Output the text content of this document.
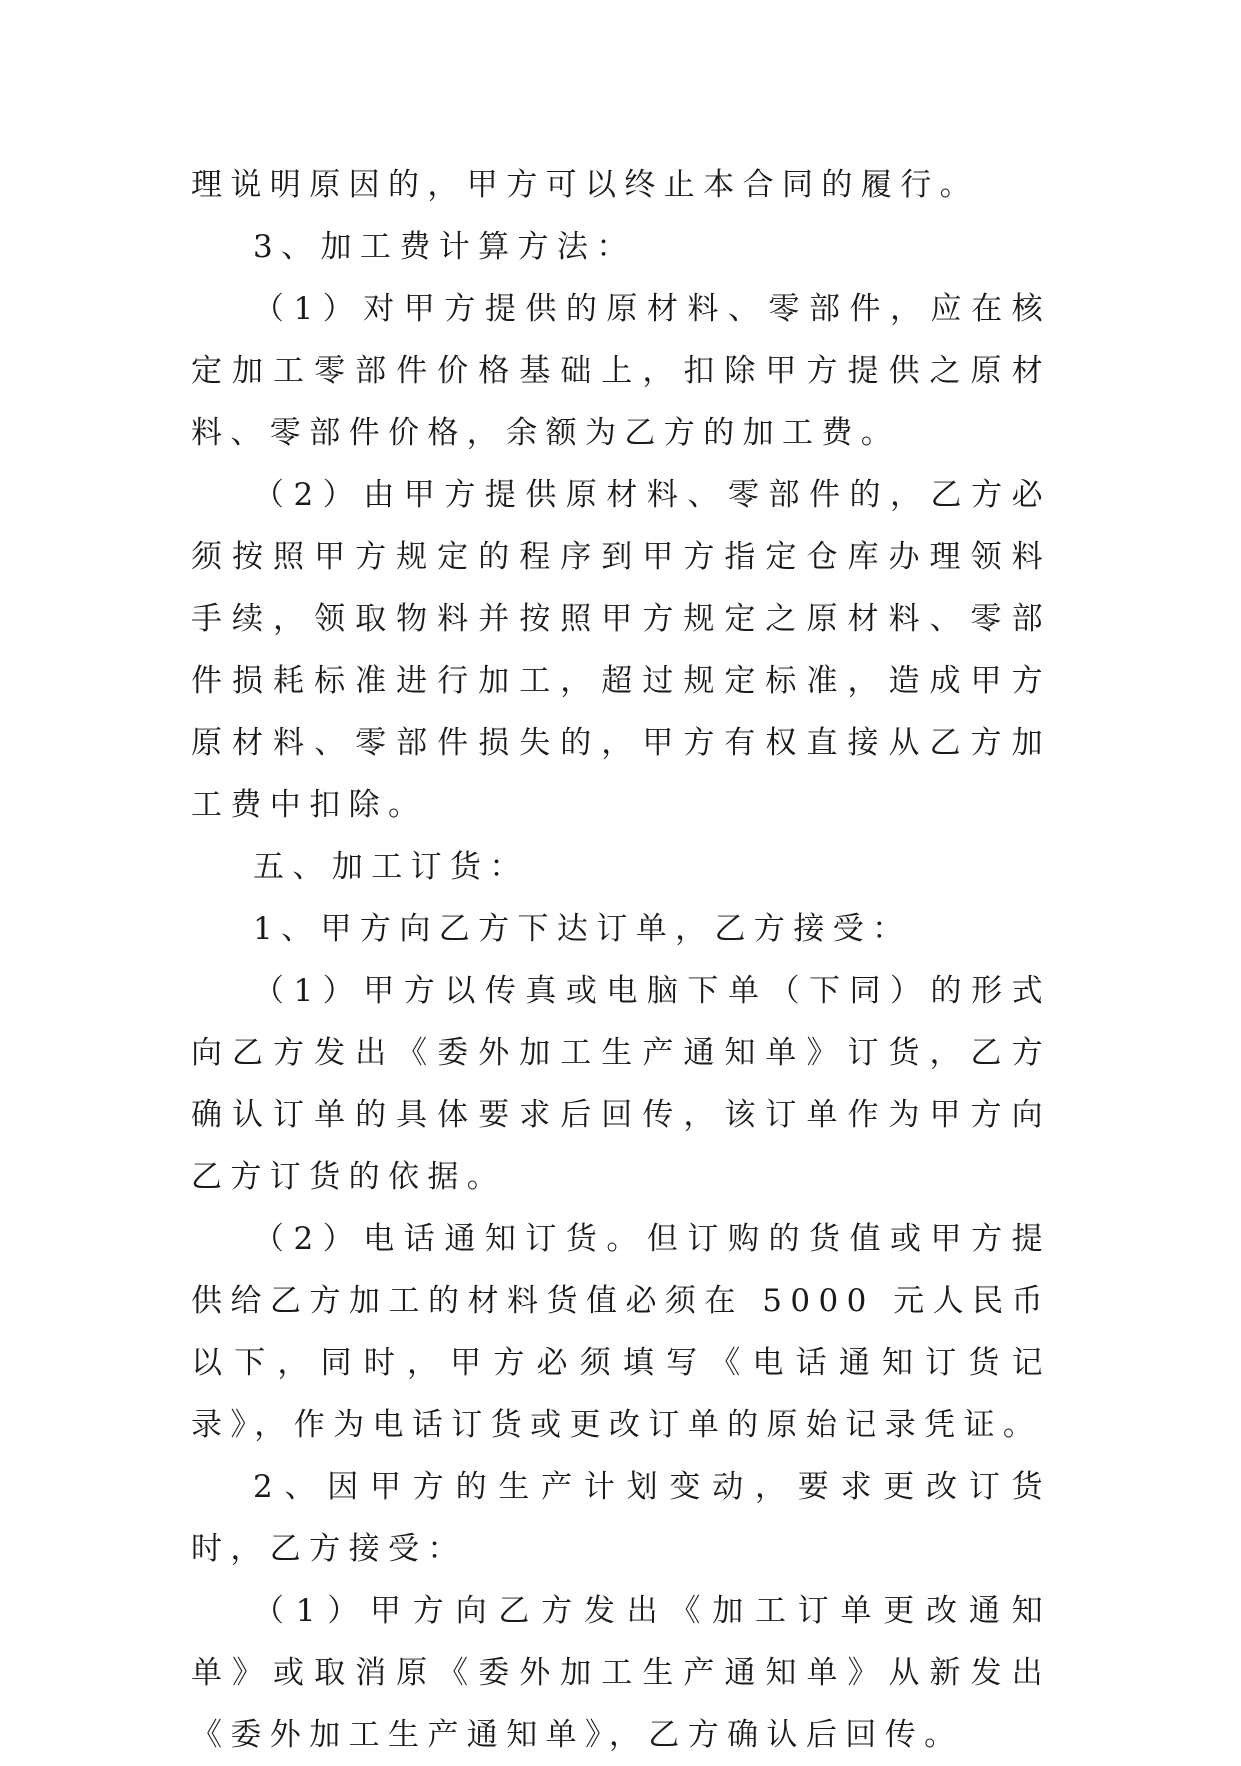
理说明原因的，甲方可以终止本合同的履行。

3、加工费计算方法：

（1）对甲方提供的原材料、零部件，应在核定加工零部件价格基础上，扣除甲方提供之原材料、零部件价格，余额为乙方的加工费。

（2）由甲方提供原材料、零部件的，乙方必须按照甲方规定的程序到甲方指定仓库办理领料手续，领取物料并按照甲方规定之原材料、零部件损耗标准进行加工，超过规定标准，造成甲方原材料、零部件损失的，甲方有权直接从乙方加工费中扣除。

五、加工订货：

1、甲方向乙方下达订单，乙方接受：

（1）甲方以传真或电脑下单（下同）的形式向乙方发出《委外加工生产通知单》订货，乙方确认订单的具体要求后回传，该订单作为甲方向乙方订货的依据。

（2）电话通知订货。但订购的货值或甲方提供给乙方加工的材料货值必须在 5000 元人民币以下，同时，甲方必须填写《电话通知订货记录》，作为电话订货或更改订单的原始记录凭证。

2、因甲方的生产计划变动，要求更改订货时，乙方接受：

（1）甲方向乙方发出《加工订单更改通知单》或取消原《委外加工生产通知单》从新发出《委外加工生产通知单》，乙方确认后回传。
